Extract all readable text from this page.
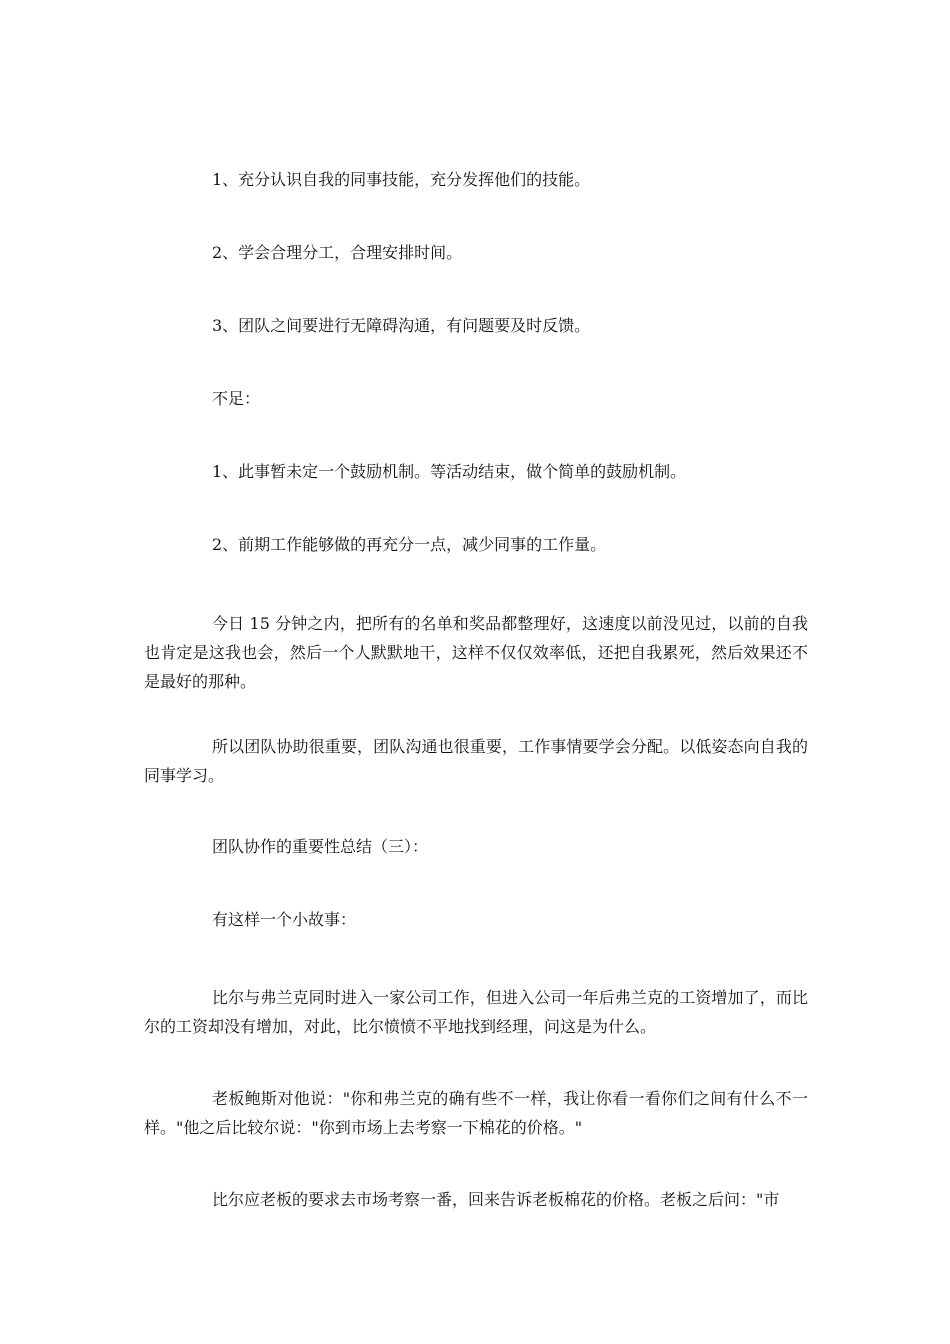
1、充分认识自我的同事技能，充分发挥他们的技能。

2、学会合理分工，合理安排时间。

3、团队之间要进行无障碍沟通，有问题要及时反馈。

不足：

1、此事暂未定一个鼓励机制。等活动结束，做个简单的鼓励机制。

2、前期工作能够做的再充分一点，减少同事的工作量。

今日 15 分钟之内，把所有的名单和奖品都整理好，这速度以前没见过，以前的自我也肯定是这我也会，然后一个人默默地干，这样不仅仅效率低，还把自我累死，然后效果还不是最好的那种。

所以团队协助很重要，团队沟通也很重要，工作事情要学会分配。以低姿态向自我的同事学习。

团队协作的重要性总结（三）：

有这样一个小故事：

比尔与弗兰克同时进入一家公司工作，但进入公司一年后弗兰克的工资增加了，而比尔的工资却没有增加，对此，比尔愤愤不平地找到经理，问这是为什么。

老板鲍斯对他说："你和弗兰克的确有些不一样，我让你看一看你们之间有什么不一样。"他之后比较尔说："你到市场上去考察一下棉花的价格。"

比尔应老板的要求去市场考察一番，回来告诉老板棉花的价格。老板之后问："市
